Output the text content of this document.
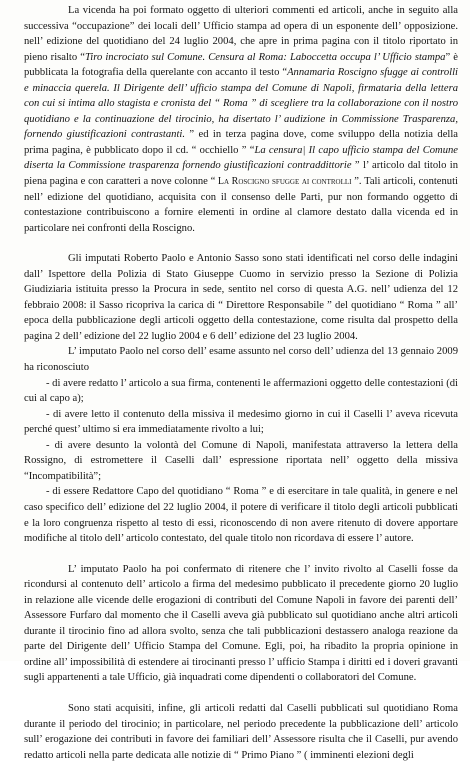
La vicenda ha poi formato oggetto di ulteriori commenti ed articoli, anche in seguito alla successiva “occupazione” dei locali dell’ Ufficio stampa ad opera di un esponente dell’ opposizione. nell’ edizione del quotidiano del 24 luglio 2004, che apre in prima pagina con il titolo riportato in pieno risalto “Tiro incrociato sul Comune. Censura al Roma: Laboccetta occupa l’ Ufficio stampa” è pubblicata la fotografia della querelante con accanto il testo “Annamaria Roscigno sfugge ai controlli e minaccia querela. Il Dirigente dell’ ufficio stampa del Comune di Napoli, firmataria della lettera con cui si intima allo stagista e cronista del “ Roma ” di scegliere tra la collaborazione con il nostro quotidiano e la continuazione del tirocinio, ha disertato l’ audizione in Commissione Trasparenza, fornendo giustificazioni contrastanti. ” ed in terza pagina dove, come sviluppo della notizia della prima pagina, è pubblicato dopo il cd. “ occhiello ” “La censura| Il capo ufficio stampa del Comune diserta la Commissione trasparenza fornendo giustificazioni contraddittorie ” l’ articolo dal titolo in piena pagina e con caratteri a nove colonne “ La Roscigno sfugge ai controlli ”. Tali articoli, contenuti nell’ edizione del quotidiano, acquisita con il consenso delle Parti, pur non formando oggetto di contestazione contribuiscono a fornire elementi in ordine al clamore destato dalla vicenda ed in particolare nei confronti della Roscigno.

Gli imputati Roberto Paolo e Antonio Sasso sono stati identificati nel corso delle indagini dall’ Ispettore della Polizia di Stato Giuseppe Cuomo in servizio presso la Sezione di Polizia Giudiziaria istituita presso la Procura in sede, sentito nel corso di questa A.G. nell’ udienza del 12 febbraio 2008: il Sasso ricopriva la carica di “ Direttore Responsabile ” del quotidiano “ Roma ” all’ epoca della pubblicazione degli articoli oggetto della contestazione, come risulta dal prospetto della pagina 2 dell’ edizione del 22 luglio 2004 e 6 dell’ edizione del 23 luglio 2004.

L’ imputato Paolo nel corso dell’ esame assunto nel corso dell’ udienza del 13 gennaio 2009 ha riconosciuto

- di avere redatto l’ articolo a sua firma, contenenti le affermazioni oggetto delle contestazioni (di cui al capo a);

- di avere letto il contenuto della missiva il medesimo giorno in cui il Caselli l’ aveva ricevuta perché quest’ ultimo si era immediatamente rivolto a lui;

- di avere desunto la volontà del Comune di Napoli, manifestata attraverso la lettera della Rossigno, di estromettere il Caselli dall’ espressione riportata nell’ oggetto della missiva “Incompatibilità”;

- di essere Redattore Capo del quotidiano “ Roma ” e di esercitare in tale qualità, in genere e nel caso specifico dell’ edizione del 22 luglio 2004, il potere di verificare il titolo degli articoli pubblicati e la loro congruenza rispetto al testo di essi, riconoscendo di non avere ritenuto di dovere apportare modifiche al titolo dell’ articolo contestato, del quale titolo non ricordava di essere l’ autore.

L’ imputato Paolo ha poi confermato di ritenere che l’ invito rivolto al Caselli fosse da ricondursi al contenuto dell’ articolo a firma del medesimo pubblicato il precedente giorno 20 luglio in relazione alle vicende delle erogazioni di contributi del Comune Napoli in favore dei parenti dell’ Assessore Furfaro dal momento che il Caselli aveva già pubblicato sul quotidiano anche altri articoli durante il tirocinio fino ad allora svolto, senza che tali pubblicazioni destassero analoga reazione da parte del Dirigente dell’ Ufficio Stampa del Comune. Egli, poi, ha ribadito la propria opinione in ordine all’ impossibilità di estendere ai tirocinanti presso l’ ufficio Stampa i diritti ed i doveri gravanti sugli appartenenti a tale Ufficio, già inquadrati come dipendenti o collaboratori del Comune.

Sono stati acquisiti, infine, gli articoli redatti dal Caselli pubblicati sul quotidiano Roma durante il periodo del tirocinio; in particolare, nel periodo precedente la pubblicazione dell’ articolo sull’ erogazione dei contributi in favore dei familiari dell’ Assessore risulta che il Caselli, pur avendo redatto articoli nella parte dedicata alle notizie di “ Primo Piano ” ( imminenti elezioni degli
